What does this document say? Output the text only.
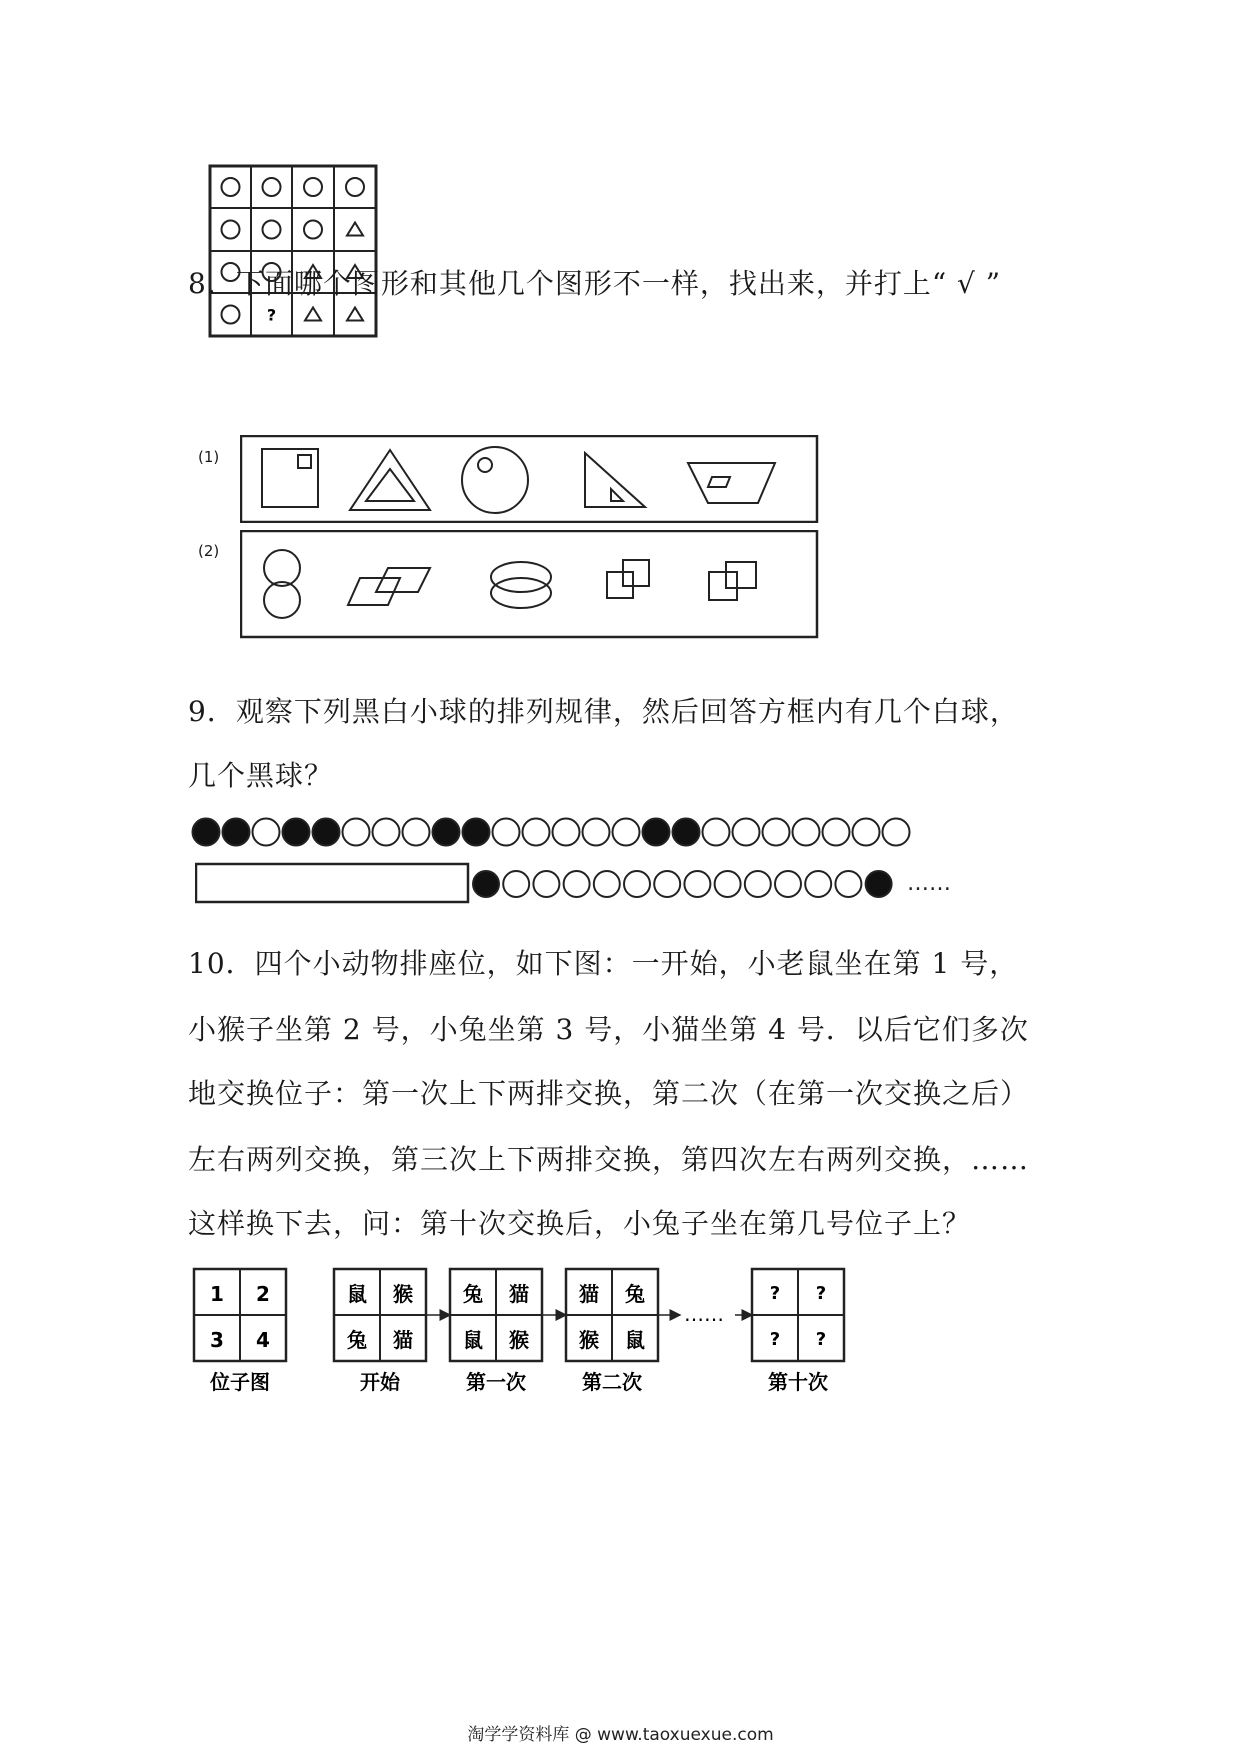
?
8．下面哪个图形和其他几个图形不一样，找出来，并打上“ √ ”
(1)
(2)
9．观察下列黑白小球的排列规律，然后回答方框内有几个白球，
几个黑球？
……
10．四个小动物排座位，如下图：一开始，小老鼠坐在第 1 号，
小猴子坐第 2 号，小兔坐第 3 号，小猫坐第 4 号．以后它们多次
地交换位子：第一次上下两排交换，第二次（在第一次交换之后）
左右两列交换，第三次上下两排交换，第四次左右两列交换，……
这样换下去，问：第十次交换后，小兔子坐在第几号位子上？
1 2
3 4
位子图
鼠 猴
兔 猫
开始
兔 猫
鼠 猴
第一次
猫 兔
猴 鼠
第二次
……
? ?
? ?
第十次
淘学学资料库 @ www.taoxuexue.com
